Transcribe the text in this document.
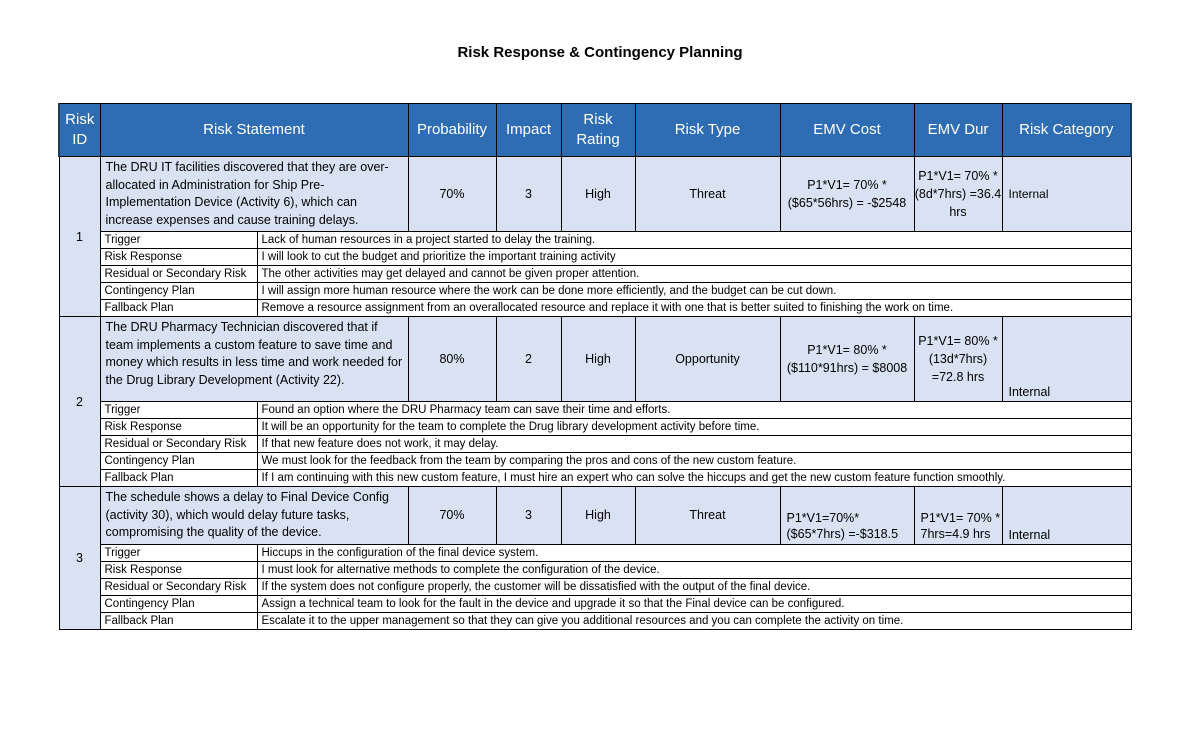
Risk Response & Contingency Planning
Risk ID	Risk Statement		Probability	Impact	Risk Rating	Risk Type	EMV Cost	EMV Dur	Risk Category
1	The DRU IT facilities discovered that they are over-allocated in Administration for Ship Pre-Implementation Device (Activity 6), which can increase expenses and cause training delays.		70%	3	High	Threat	P1*V1= 70% * ($65*56hrs) = -$2548	P1*V1= 70% * (8d*7hrs) =36.4 hrs	Internal
	Trigger	Lack of human resources in a project started to delay the training.							
	Risk Response	I will look to cut the budget and prioritize the important training activity							
	Residual or Secondary Risk	The other activities may get delayed and cannot be given proper attention.							
	Contingency Plan	I will assign more human resource where the work can be done more efficiently, and the budget can be cut down.							
	Fallback Plan	Remove a resource assignment from an overallocated resource and replace it with one that is better suited to finishing the work on time.							
2	The DRU Pharmacy Technician discovered that if team implements a custom feature to save time and money which results in less time and work needed for the Drug Library Development (Activity 22).		80%	2	High	Opportunity	P1*V1= 80% * ($110*91hrs) = $8008	P1*V1= 80% * (13d*7hrs) =72.8 hrs	Internal
	Trigger	Found an option where the DRU Pharmacy team can save their time and efforts.							
	Risk Response	It will be an opportunity for the team to complete the Drug library development activity before time.							
	Residual or Secondary Risk	If that new feature does not work, it may delay.							
	Contingency Plan	We must look for the feedback from the team by comparing the pros and cons of the new custom feature.							
	Fallback Plan	If I am continuing with this new custom feature, I must hire an expert who can solve the hiccups and get the new custom feature function smoothly.							
3	The schedule shows a delay to Final Device Config (activity 30), which would delay future tasks, compromising the quality of the device.		70%	3	High	Threat	P1*V1=70%*($65*7hrs) =-$318.5	P1*V1= 70% * 7hrs=4.9 hrs	Internal
	Trigger	Hiccups in the configuration of the final device system.							
	Risk Response	I must look for alternative methods to complete the configuration of the device.							
	Residual or Secondary Risk	If the system does not configure properly, the customer will be dissatisfied with the output of the final device.							
	Contingency Plan	Assign a technical team to look for the fault in the device and upgrade it so that the Final device can be configured.							
	Fallback Plan	Escalate it to the upper management so that they can give you additional resources and you can complete the activity on time.							
